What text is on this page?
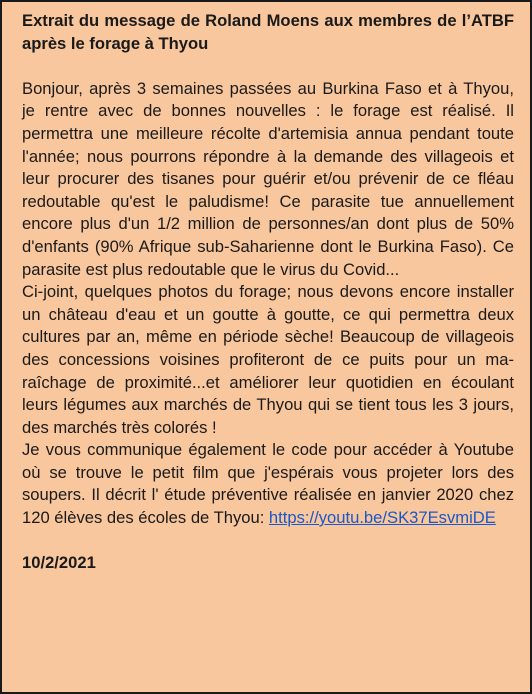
Extrait du message de Roland Moens aux membres de l’ATBF après le forage à Thyou

Bonjour, après 3 semaines passées au Burkina Faso et à Thyou, je rentre avec de bonnes nouvelles : le forage est réalisé. Il permettra une meilleure récolte d'artemisia annua pendant toute l'année; nous pourrons répondre à la demande des villageois et leur procurer des tisanes pour guérir et/ou prévenir de ce fléau redoutable qu'est le paludisme! Ce parasite tue annuellement encore plus d'un 1/2 million de personnes/an dont plus de 50% d'enfants (90% Afrique sub-Saharienne dont le Burkina Faso). Ce parasite est plus redoutable que le virus du Covid...

Ci-joint, quelques photos du forage; nous devons encore installer un château d'eau et un goutte à goutte, ce qui permettra deux cultures par an, même en période sèche! Beaucoup de villageois des concessions voisines profiteront de ce puits pour un maraîchage de proximité...et améliorer leur quotidien en écoulant leurs légumes aux marchés de Thyou qui se tient tous les 3 jours, des marchés très colorés !

Je vous communique également le code pour accéder à Youtube où se trouve le petit film que j'espérais vous projeter lors des soupers. Il décrit l' étude préventive réalisée en janvier 2020 chez 120 élèves des écoles de Thyou: https://youtu.be/SK37EsvmiDE

10/2/2021
